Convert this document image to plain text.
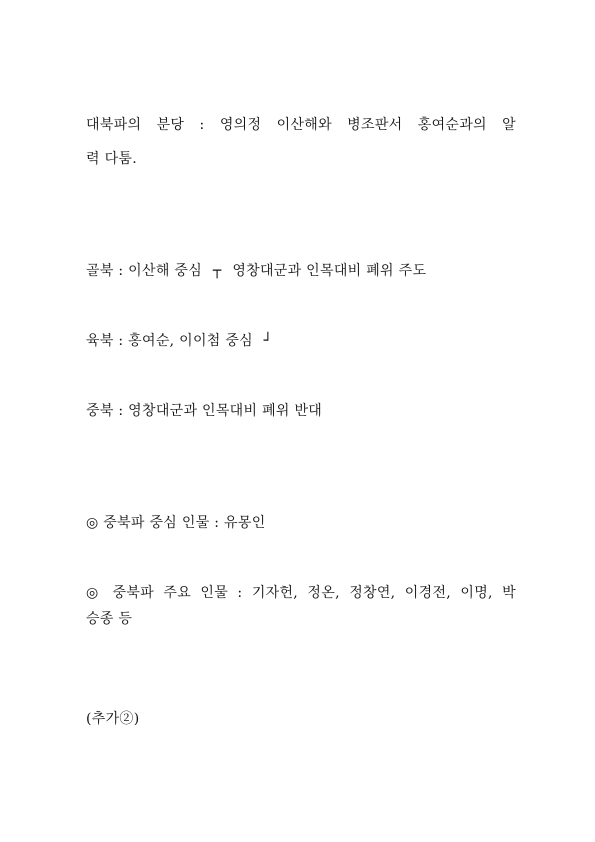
대북파의 분당 : 영의정 이산해와 병조판서 홍여순과의 알
력 다툼.
골북 : 이산해 중심 ┬ 영창대군과 인목대비 폐위 주도
육북 : 홍여순, 이이첨 중심 ┘
중북 : 영창대군과 인목대비 폐위 반대
◎ 중북파 중심 인물 : 유몽인
◎ 중북파 주요 인물 : 기자헌, 정온, 정창연, 이경전, 이명, 박
승종 등
(추가②)
